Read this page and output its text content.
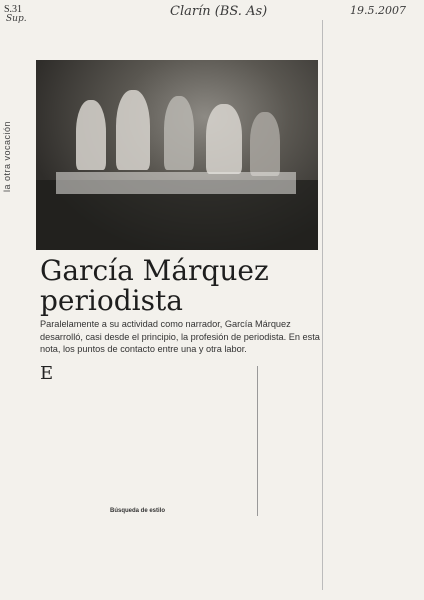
S.31
Sup.	Clarín (BS. As)	19.5.2007
la otra vocación
García Márquez
periodista
Paralelamente a su actividad como narrador, García Márquez desarrolló, casi desde el principio, la profesión de periodista. En esta nota, los puntos de contacto entre una y otra labor.
E
Búsqueda de estilo
